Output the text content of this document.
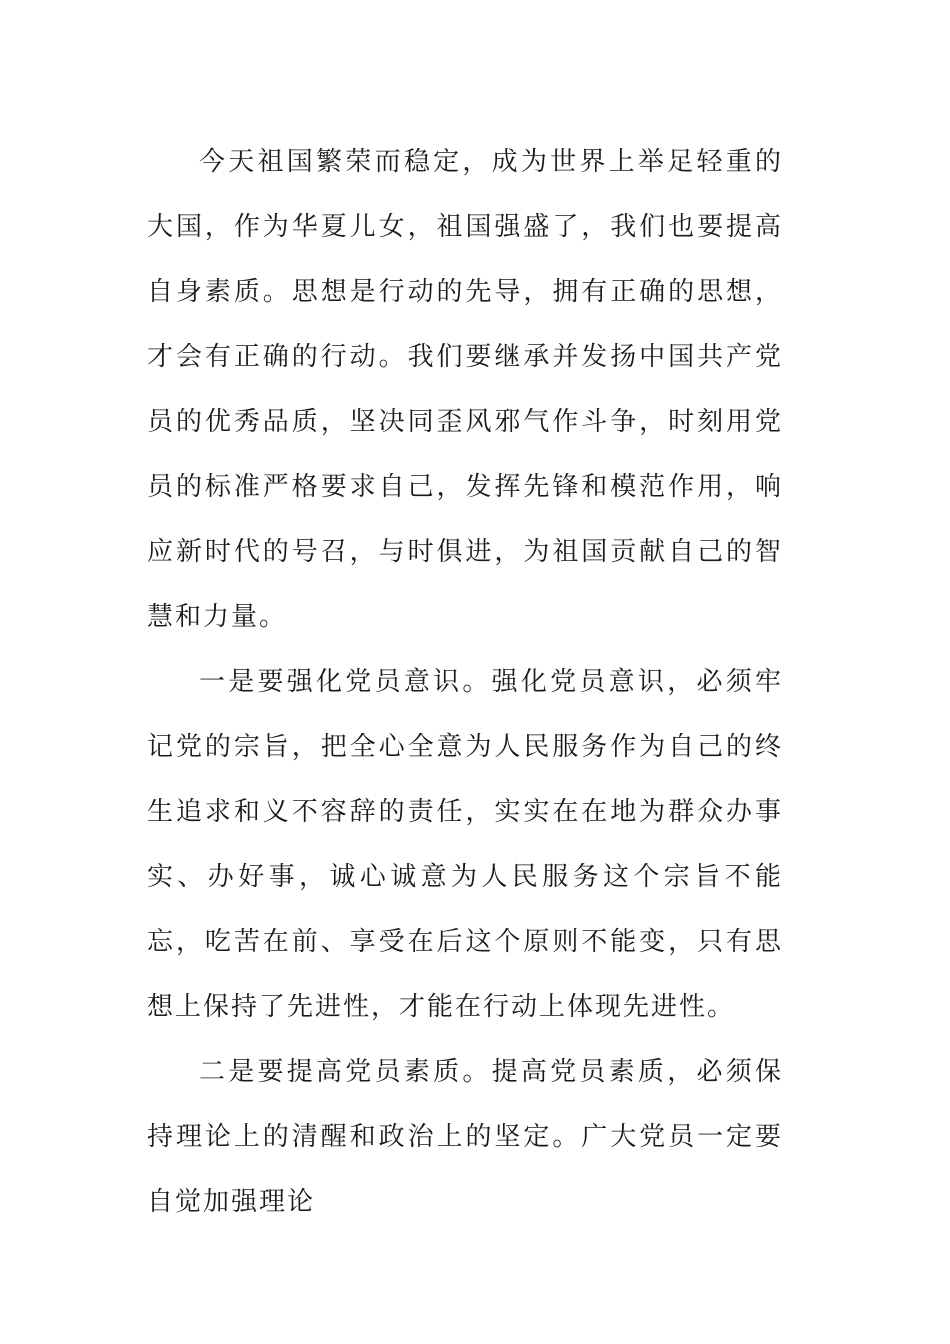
今天祖国繁荣而稳定，成为世界上举足轻重的大国，作为华夏儿女，祖国强盛了，我们也要提高自身素质。思想是行动的先导，拥有正确的思想，才会有正确的行动。我们要继承并发扬中国共产党员的优秀品质，坚决同歪风邪气作斗争，时刻用党员的标准严格要求自己，发挥先锋和模范作用，响应新时代的号召，与时俱进，为祖国贡献自己的智慧和力量。

一是要强化党员意识。强化党员意识，必须牢记党的宗旨，把全心全意为人民服务作为自己的终生追求和义不容辞的责任，实实在在地为群众办事实、办好事，诚心诚意为人民服务这个宗旨不能忘，吃苦在前、享受在后这个原则不能变，只有思想上保持了先进性，才能在行动上体现先进性。

二是要提高党员素质。提高党员素质，必须保持理论上的清醒和政治上的坚定。广大党员一定要自觉加强理论
